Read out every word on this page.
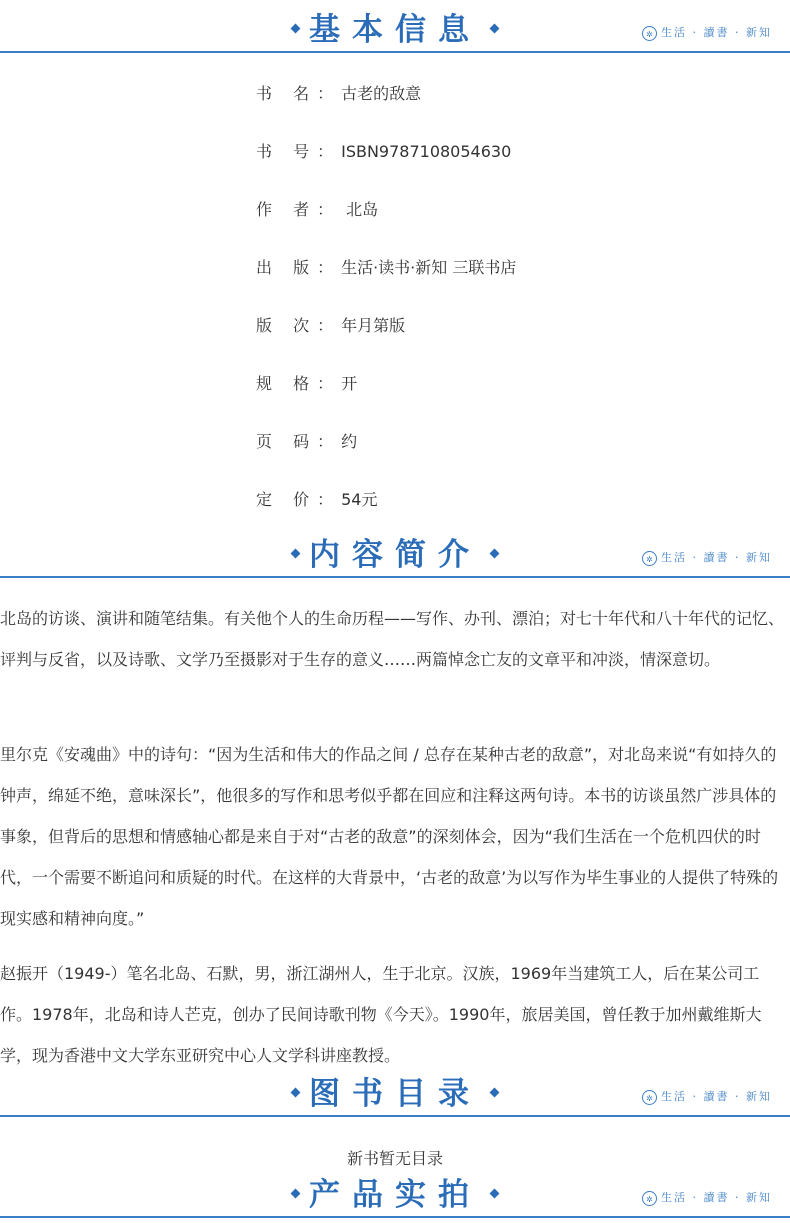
基本信息	✲ 生活 · 讀書 · 新知
书 名：古老的敌意
书 号：ISBN9787108054630
作 者： 北岛
出 版：生活·读书·新知 三联书店
版 次：年月第版
规 格：开
页 码：约
定 价：54元
内容简介	✲ 生活 · 讀書 · 新知

北岛的访谈、演讲和随笔结集。有关他个人的生命历程——写作、办刊、漂泊；对七十年代和八十年代的记忆、评判与反省，以及诗歌、文学乃至摄影对于生存的意义……两篇悼念亡友的文章平和冲淡，情深意切。

里尔克《安魂曲》中的诗句：“因为生活和伟大的作品之间 / 总存在某种古老的敌意”，对北岛来说“有如持久的钟声，绵延不绝，意味深长”，他很多的写作和思考似乎都在回应和注释这两句诗。本书的访谈虽然广涉具体的事象，但背后的思想和情感轴心都是来自于对“古老的敌意”的深刻体会，因为“我们生活在一个危机四伏的时代，一个需要不断追问和质疑的时代。在这样的大背景中，‘古老的敌意’为以写作为毕生事业的人提供了特殊的现实感和精神向度。”

赵振开（1949-）笔名北岛、石默，男，浙江湖州人，生于北京。汉族，1969年当建筑工人，后在某公司工作。1978年，北岛和诗人芒克，创办了民间诗歌刊物《今天》。1990年，旅居美国，曾任教于加州戴维斯大学，现为香港中文大学东亚研究中心人文学科讲座教授。

图书目录	✲ 生活 · 讀書 · 新知
新书暂无目录
产品实拍	✲ 生活 · 讀書 · 新知
